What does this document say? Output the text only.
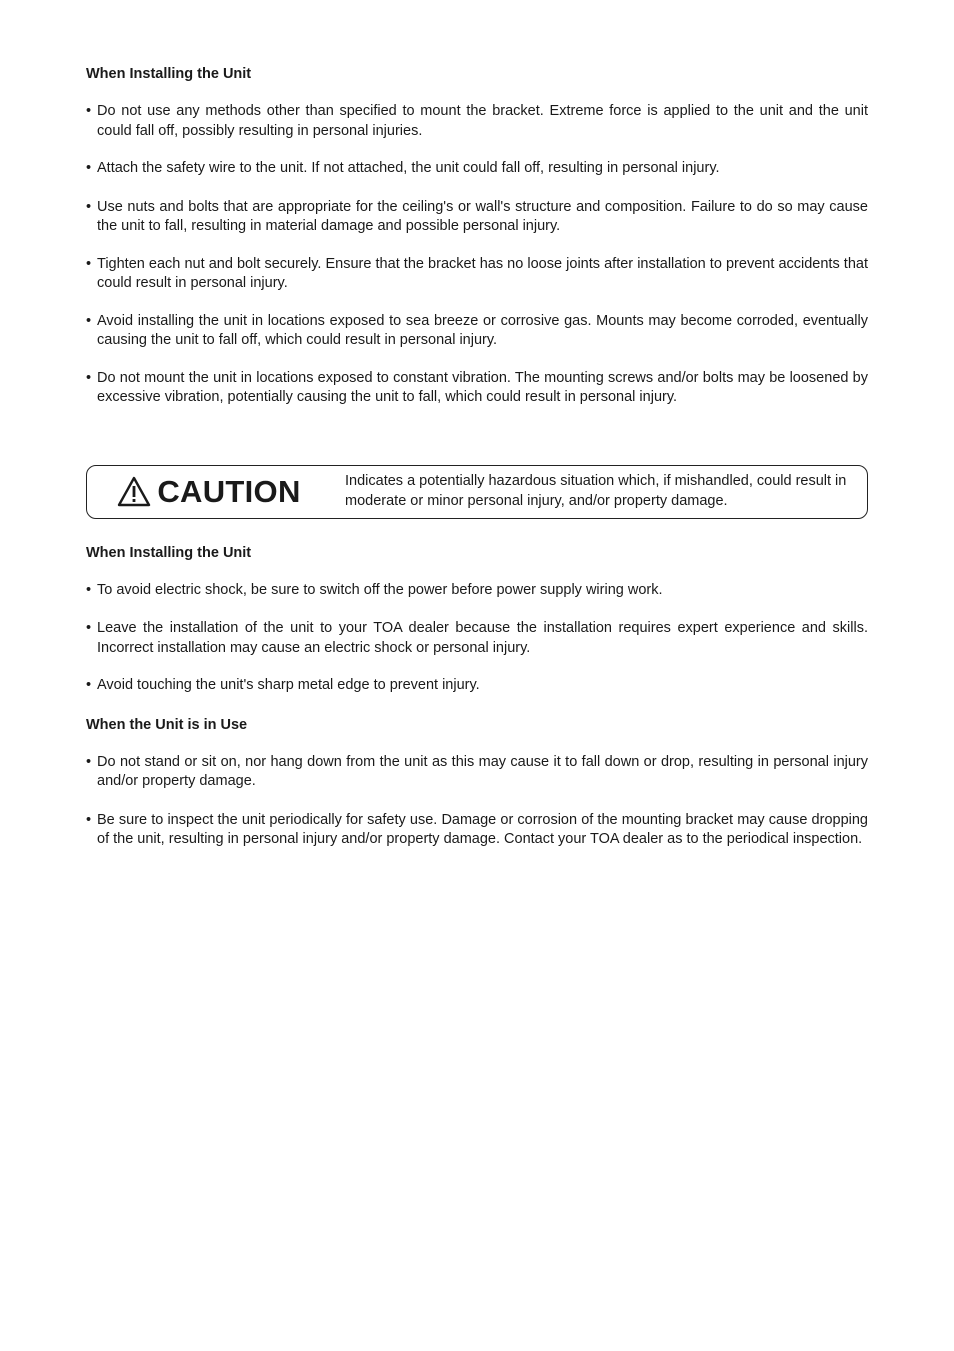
When Installing the Unit
• Do not use any methods other than specified to mount the bracket. Extreme force is applied to the unit and the unit could fall off, possibly resulting in personal injuries.
• Attach the safety wire to the unit. If not attached, the unit could fall off, resulting in personal injury.
• Use nuts and bolts that are appropriate for the ceiling's or wall's structure and composition. Failure to do so may cause the unit to fall, resulting in material damage and possible personal injury.
• Tighten each nut and bolt securely. Ensure that the bracket has no loose joints after installation to prevent accidents that could result in personal injury.
• Avoid installing the unit in locations exposed to sea breeze or corrosive gas. Mounts may become corroded, eventually causing the unit to fall off, which could result in personal injury.
• Do not mount the unit in locations exposed to constant vibration. The mounting screws and/or bolts may be loosened by excessive vibration, potentially causing the unit to fall, which could result in personal injury.
CAUTION	Indicates a potentially hazardous situation which, if mishandled, could result in moderate or minor personal injury, and/or property damage.
When Installing the Unit
• To avoid electric shock, be sure to switch off the power before power supply wiring work.
• Leave the installation of the unit to your TOA dealer because the installation requires expert experience and skills. Incorrect installation may cause an electric shock or personal injury.
• Avoid touching the unit's sharp metal edge to prevent injury.
When the Unit is in Use
• Do not stand or sit on, nor hang down from the unit as this may cause it to fall down or drop, resulting in personal injury and/or property damage.
• Be sure to inspect the unit periodically for safety use. Damage or corrosion of the mounting bracket may cause dropping of the unit, resulting in personal injury and/or property damage. Contact your TOA dealer as to the periodical inspection.
